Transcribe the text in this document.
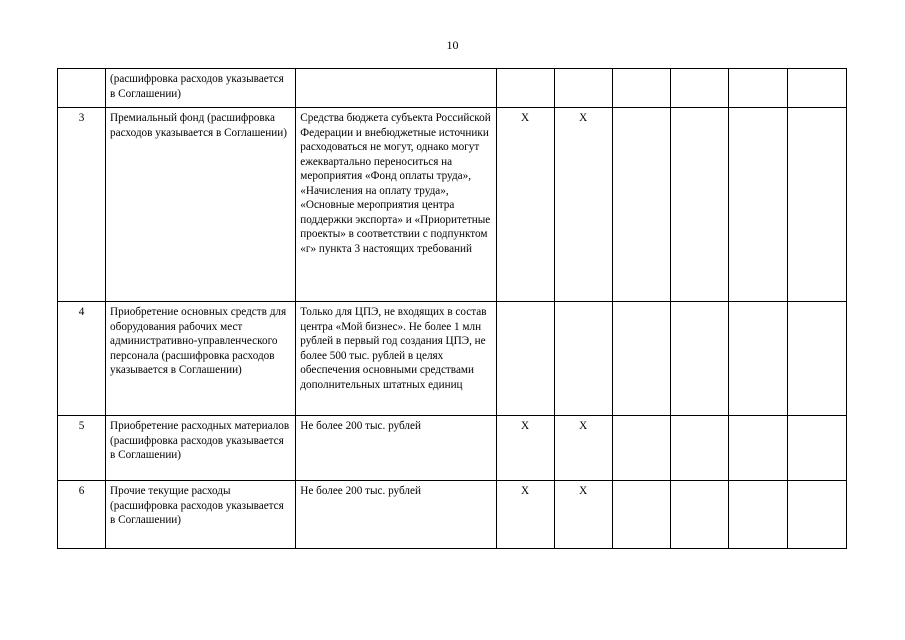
10
	(расшифровка расходов указывается в Соглашении)							
3	Премиальный фонд (расшифровка расходов указывается в Соглашении)	Средства бюджета субъекта Российской Федерации и внебюджетные источники расходоваться не могут, однако могут ежеквартально переноситься на мероприятия «Фонд оплаты труда», «Начисления на оплату труда», «Основные мероприятия центра поддержки экспорта» и «Приоритетные проекты» в соответствии с подпунктом «г» пункта 3 настоящих требований	Х	Х				
4	Приобретение основных средств для оборудования рабочих мест административно-управленческого персонала (расшифровка расходов указывается в Соглашении)	Только для ЦПЭ, не входящих в состав центра «Мой бизнес». Не более 1 млн рублей в первый год создания ЦПЭ, не более 500 тыс. рублей в целях обеспечения основными средствами дополнительных штатных единиц						
5	Приобретение расходных материалов (расшифровка расходов указывается в Соглашении)	Не более 200 тыс. рублей	Х	Х				
6	Прочие текущие расходы (расшифровка расходов указывается в Соглашении)	Не более 200 тыс. рублей	Х	Х				
